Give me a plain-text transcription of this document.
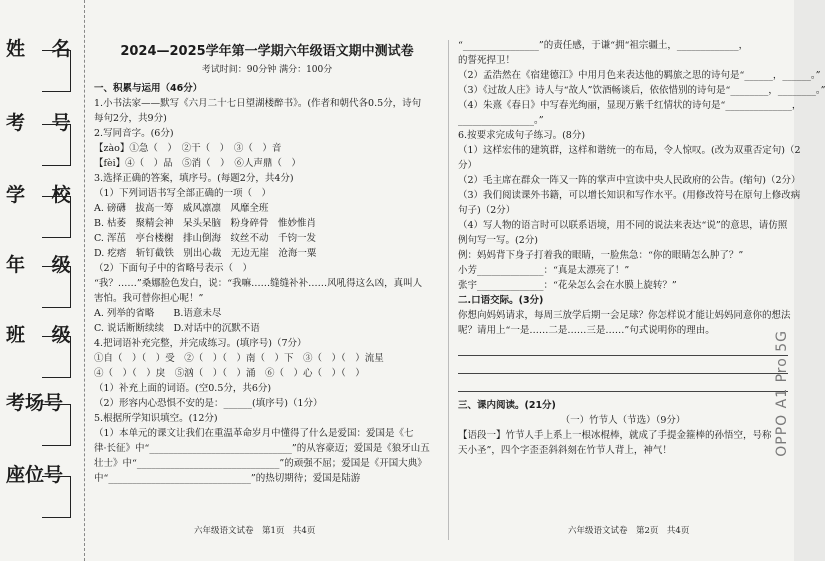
姓 名
考 号
学 校
年 级
班 级
考场号
座位号
2024—2025学年第一学期六年级语文期中测试卷
考试时间：90分钟 满分：100分
一、积累与运用（46分）
1.小书法家——默写《六月二十七日望湖楼醉书》。(作者和朝代各0.5分，诗句
每句2分，共9分)
2.写同音字。(6分)
【zào】①急（　）　②干（　）　③（　）音
【fèi】④（　）品　⑤消（　）　⑥人声鼎（　）
3.选择正确的答案，填序号。(每题2分，共4分)
（1）下列词语书写全部正确的一项（　）
A. 磅礴　拔高一筹　威风凛凛　风靡全班
B. 枯萎　聚精会神　呆头呆脑　粉身碎骨　惟妙惟肖
C. 浑茁　亭台楼榭　排山倒海　纹丝不动　千钧一发
D. 疙瘩　斩钉截铁　别出心裁　无边无崖　沧海一粟
（2）下面句子中的省略号表示（　）
“我？……”桑娜脸色发白，说：“我嘛……缝缝补补……风吼得这么凶，真叫人
害怕。我可替你担心呢！”
A. 列举的省略　　B.语意未尽
C. 说话断断续续　D.对话中的沉默不语
4.把词语补充完整，并完成练习。(填序号)（7分）
①自（　）（　）受　②（　）（　）南（　）下　③（　）（　）流星
④（　）（　）戾　⑤汹（　）（　）涌　⑥（　）心（　）（　）
（1）补充上面的词语。(空0.5分，共6分)
（2）形容内心恐惧不安的是：______(填序号)（1分）
5.根据所学知识填空。(12分)
（1）本单元的课文让我们在重温革命岁月中懂得了什么是爱国：爱国是《七
律·长征》中“______________________________”的从容豪迈；爱国是《狼牙山五
壮士》中“______________________________”的顽强不屈；爱国是《开国大典》
中“______________________________”的热切期待；爱国是陆游
六年级语文试卷　第1页　共4页
“________________”的责任感，于谦“拥“祖宗疆土，_____________，
的誓死捍卫！
（2）孟浩然在《宿建德江》中用月色来表达他的羁旅之思的诗句是“______，______。”
（3）《过故人庄》诗人与“故人”饮酒畅谈后，依依惜别的诗句是“________，________。”
（4）朱熹《春日》中写春光绚丽，显现万紫千红情状的诗句是“______________，
________________。”
6.按要求完成句子练习。(8分)
（1）这样宏伟的建筑群，这样和谐统一的布局，令人惊叹。(改为双重否定句)（2
分）
（2）毛主席在群众一阵又一阵的掌声中宣读中央人民政府的公告。(缩句)（2分）
（3）我们阅读课外书籍，可以增长知识和写作水平。(用修改符号在原句上修改病
句子)（2分）
（4）写人物的语言时可以联系语境，用不同的说法来表达“说”的意思，请仿照
例句写一写。(2分)
例：妈妈背下身子打着我的眼睛，一脸焦急：“你的眼睛怎么肿了？”
小芳______________：“真是太漂亮了！”
张宇______________：“花朵怎么会在水膜上旋转？”
二.口语交际。(3分)
你想向妈妈请求，每周三放学后期一会足球？你怎样说才能让妈妈同意你的想法
呢？请用上“一是……二是……三是……”句式说明你的理由。
三、课内阅读。(21分)
（一）竹节人（节选）（9分）
【语段一】竹节人手上系上一根冰棍棒，就成了手提金箍棒的孙悟空，号称
天小圣”，四个字歪歪斜斜刻在竹节人背上，神气！
六年级语文试卷　第2页　共4页
OPPO A1 Pro 5G
